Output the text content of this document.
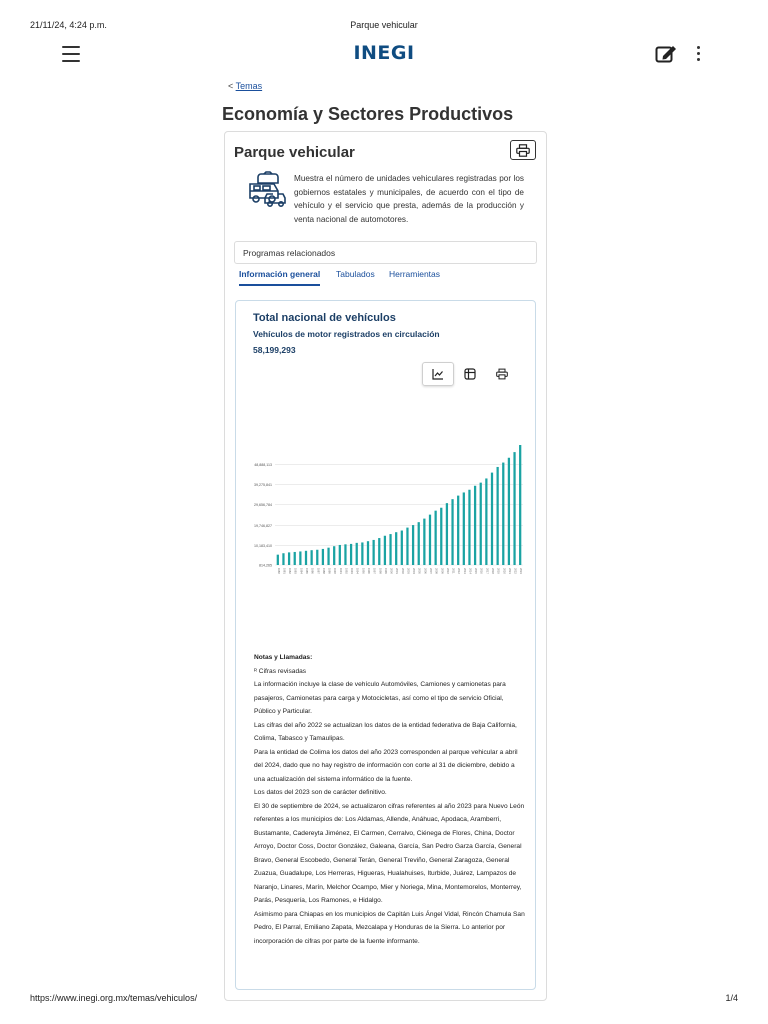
21/11/24, 4:24 p.m.	Parque vehicular
INEGI
< Temas
Economía y Sectores Productivos
Parque vehicular
Muestra el número de unidades vehiculares registradas por los gobiernos estatales y municipales, de acuerdo con el tipo de vehículo y el servicio que presta, además de la producción y venta nacional de automotores.
Programas relacionados
Información general Tabulados Herramientas
Total nacional de vehículos
Vehículos de motor registrados en circulación
58,199,293
814,265
10,183,410
19,746,827
29,656,784
39,275,841
48,888,113
1980	1981	1982	1983	1984	1985	1986	1987	1988	1989	1990	1991	1992	1993	1994	1995	1996	1997	1998	1999	2000	2001	2002	2003	2004	2005	2006	2007	2008	2009	2010	2011	2012	2013	2014	2015	2016	2017	2018	2019	2020	2021	2022	2023
Notas y Llamadas:
ᴿ Cifras revisadas
La información incluye la clase de vehículo Automóviles, Camiones y camionetas para pasajeros, Camionetas para carga y Motocicletas, así como el tipo de servicio Oficial, Público y Particular.
Las cifras del año 2022 se actualizan los datos de la entidad federativa de Baja California, Colima, Tabasco y Tamaulipas.
Para la entidad de Colima los datos del año 2023 corresponden al parque vehicular a abril del 2024, dado que no hay registro de información con corte al 31 de diciembre, debido a una actualización del sistema informático de la fuente.
Los datos del 2023 son de carácter definitivo.
El 30 de septiembre de 2024, se actualizaron cifras referentes al año 2023 para Nuevo León referentes a los municipios de: Los Aldamas, Allende, Anáhuac, Apodaca, Aramberri, Bustamante, Cadereyta Jiménez, El Carmen, Cerralvo, Ciénega de Flores, China, Doctor Arroyo, Doctor Coss, Doctor González, Galeana, García, San Pedro Garza García, General Bravo, General Escobedo, General Terán, General Treviño, General Zaragoza, General Zuazua, Guadalupe, Los Herreras, Higueras, Hualahuises, Iturbide, Juárez, Lampazos de Naranjo, Linares, Marín, Melchor Ocampo, Mier y Noriega, Mina, Montemorelos, Monterrey, Parás, Pesquería, Los Ramones, e Hidalgo.
Asimismo para Chiapas en los municipios de Capitán Luis Ángel Vidal, Rincón Chamula San Pedro, El Parral, Emiliano Zapata, Mezcalapa y Honduras de la Sierra. Lo anterior por incorporación de cifras por parte de la fuente informante.
https://www.inegi.org.mx/temas/vehiculos/	1/4
